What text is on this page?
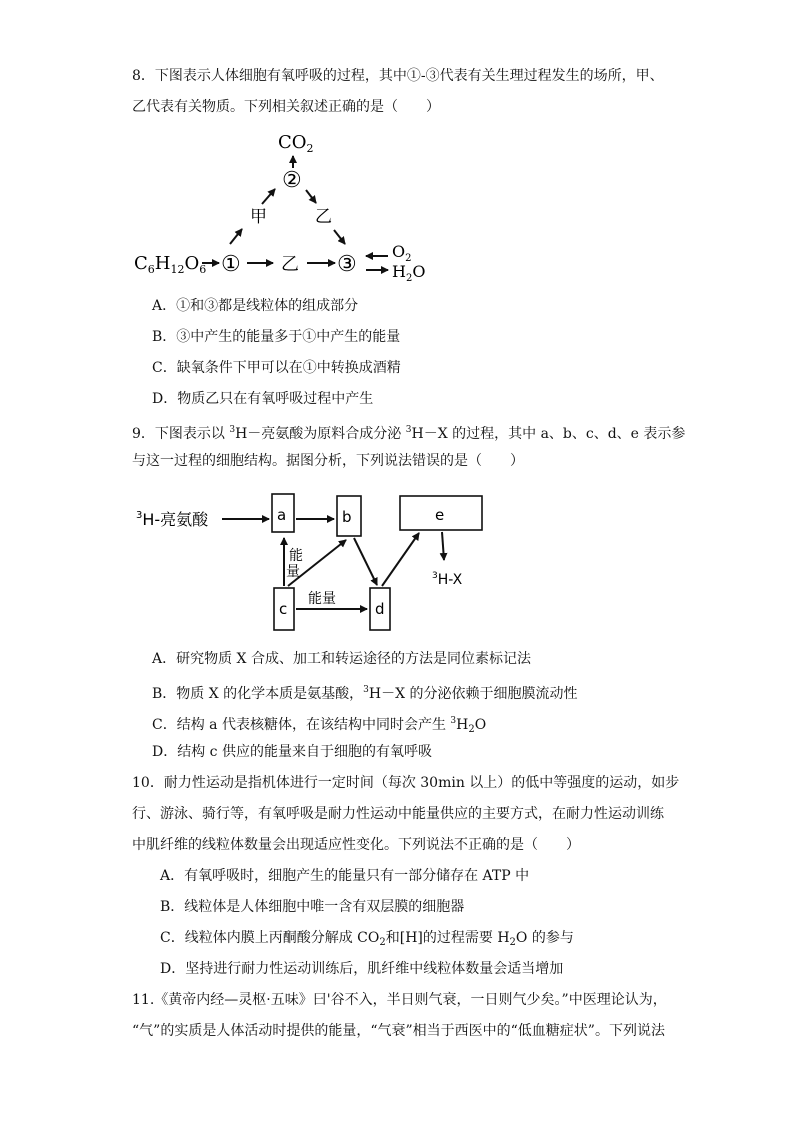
8．下图表示人体细胞有氧呼吸的过程，其中①-③代表有关生理过程发生的场所，甲、
乙代表有关物质。下列相关叙述正确的是（　　）
$CO_2$
②
甲	乙
$C_6H_{12}O_6$ ① 乙 ③
$O_2$
$H_2O$
A．①和③都是线粒体的组成部分
B．③中产生的能量多于①中产生的能量
C．缺氧条件下甲可以在①中转换成酒精
D．物质乙只在有氧呼吸过程中产生
9．下图表示以 $^3$H－亮氨酸为原料合成分泌 $^3$H－X 的过程，其中 a、b、c、d、e 表示参
与这一过程的细胞结构。据图分析，下列说法错误的是（　　）
$^3$H-亮氨酸	a	b	e
$^3$H-X
c	d
能
量
能量
A．研究物质 X 合成、加工和转运途径的方法是同位素标记法
B．物质 X 的化学本质是氨基酸，$^3$H－X 的分泌依赖于细胞膜流动性
C．结构 a 代表核糖体，在该结构中同时会产生 $^3H_2O$
D．结构 c 供应的能量来自于细胞的有氧呼吸
10．耐力性运动是指机体进行一定时间（每次 30min 以上）的低中等强度的运动，如步
行、游泳、骑行等，有氧呼吸是耐力性运动中能量供应的主要方式，在耐力性运动训练
中肌纤维的线粒体数量会出现适应性变化。下列说法不正确的是（　　）
A．有氧呼吸时，细胞产生的能量只有一部分储存在 ATP 中
B．线粒体是人体细胞中唯一含有双层膜的细胞器
C．线粒体内膜上丙酮酸分解成 $CO_2$和[H]的过程需要 $H_2O$ 的参与
D．坚持进行耐力性运动训练后，肌纤维中线粒体数量会适当增加
11.《黄帝内经—灵枢·五味》曰'谷不入，半日则气衰，一日则气少矣。”中医理论认为，
“气”的实质是人体活动时提供的能量，“气衰”相当于西医中的“低血糖症状”。下列说法
